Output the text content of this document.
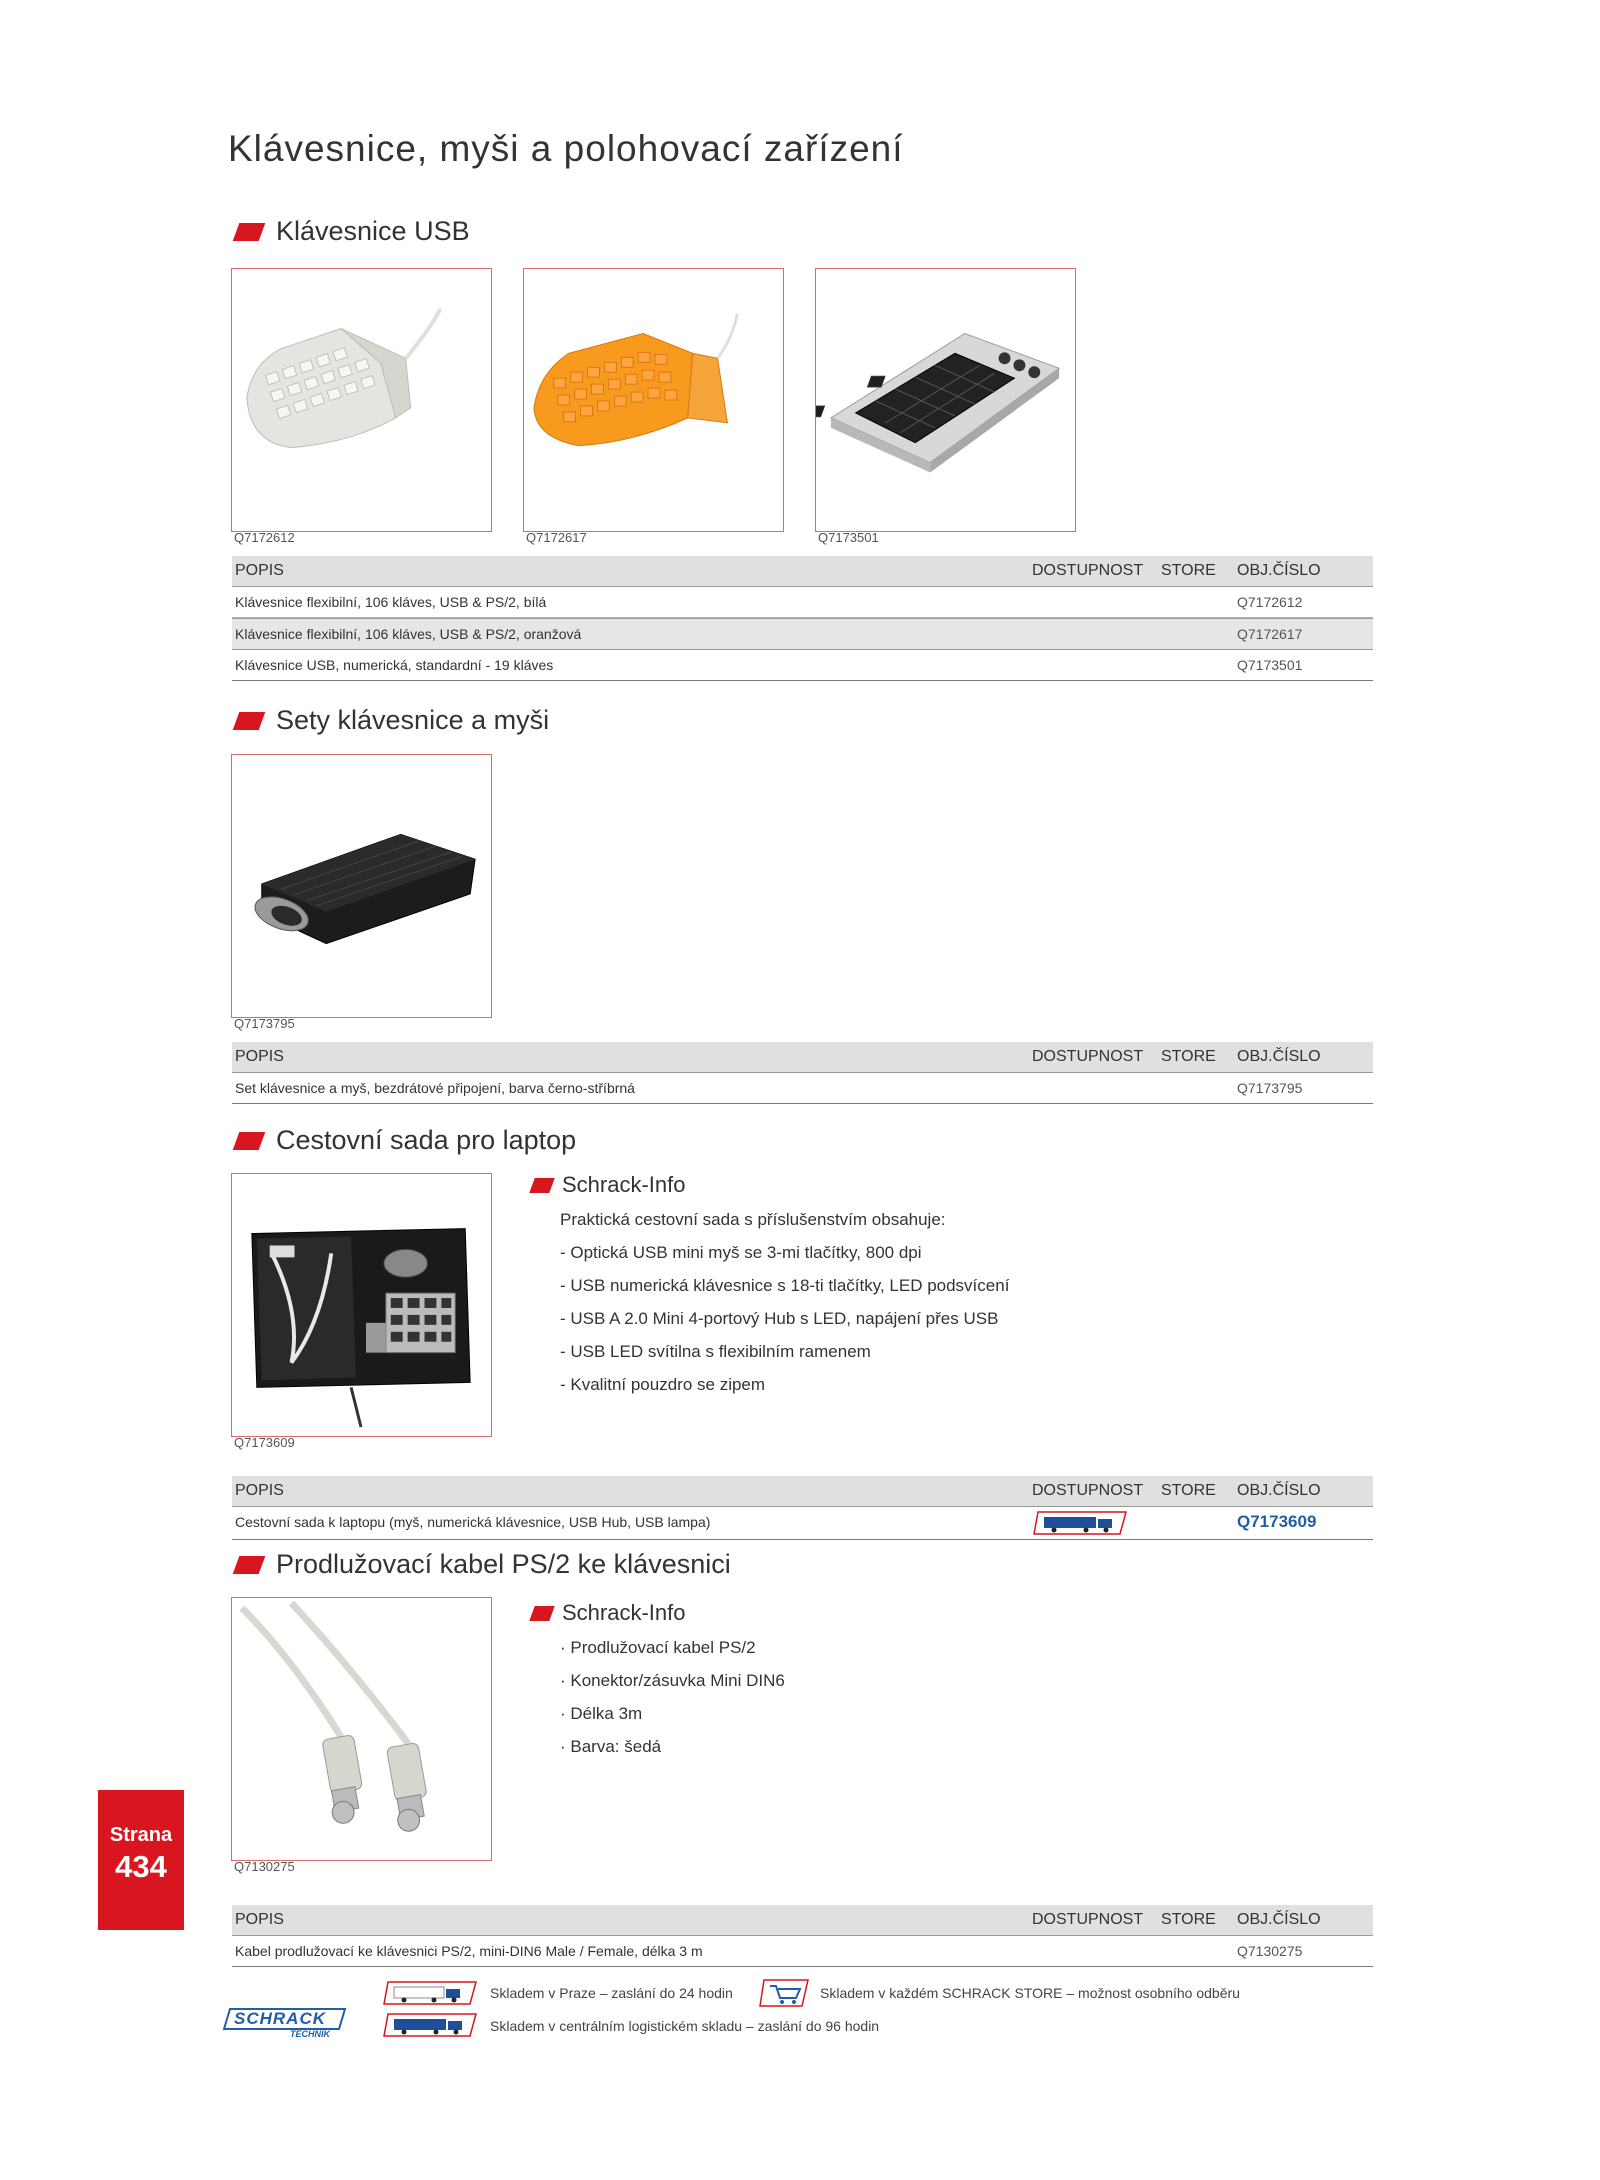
Klávesnice, myši a polohovací zařízení
Klávesnice USB
Q7172612	Q7172617	Q7173501
POPIS	DOSTUPNOST STORE OBJ.ČÍSLO
Klávesnice flexibilní, 106 kláves, USB & PS/2, bílá	Q7172612
Klávesnice flexibilní, 106 kláves, USB & PS/2, oranžová	Q7172617
Klávesnice USB, numerická, standardní - 19 kláves	Q7173501
Sety klávesnice a myši
Q7173795
POPIS	DOSTUPNOST STORE OBJ.ČÍSLO
Set klávesnice a myš, bezdrátové připojení, barva černo-stříbrná	Q7173795
Cestovní sada pro laptop
Q7173609
Schrack-Info
Praktická cestovní sada s příslušenstvím obsahuje:
- Optická USB mini myš se 3-mi tlačítky, 800 dpi
- USB numerická klávesnice s 18-ti tlačítky, LED podsvícení
- USB A 2.0 Mini 4-portový Hub s LED, napájení přes USB
- USB LED svítilna s flexibilním ramenem
- Kvalitní pouzdro se zipem
POPIS	DOSTUPNOST STORE OBJ.ČÍSLO
Cestovní sada k laptopu (myš, numerická klávesnice, USB Hub, USB lampa)	Q7173609
Prodlužovací kabel PS/2 ke klávesnici
Q7130275
Schrack-Info
· Prodlužovací kabel PS/2
· Konektor/zásuvka Mini DIN6
· Délka 3m
· Barva: šedá
POPIS	DOSTUPNOST STORE OBJ.ČÍSLO
Kabel prodlužovací ke klávesnici PS/2, mini-DIN6 Male / Female, délka 3 m	Q7130275
Strana
434
Skladem v Praze – zaslání do 24 hodin	Skladem v každém SCHRACK STORE – možnost osobního odběru
Skladem v centrálním logistickém skladu – zaslání do 96 hodin
SCHRACK
TECHNIK
